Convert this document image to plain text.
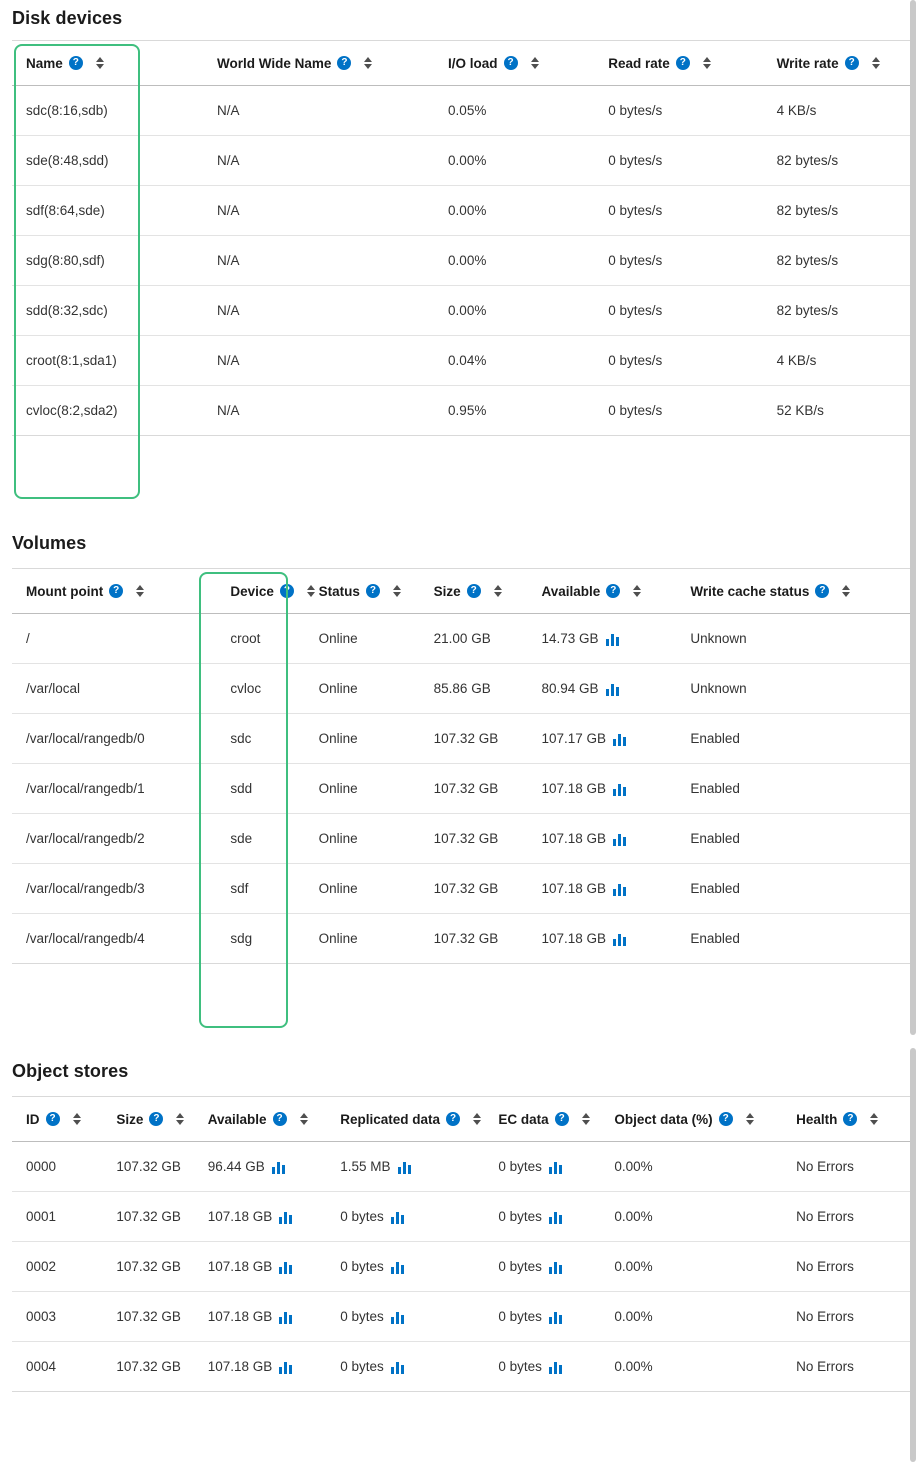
Disk devices
Name ?	World Wide Name ?	I/O load ?	Read rate ?	Write rate ?

sdc(8:16,sdb)	N/A	0.05%	0 bytes/s	4 KB/s
sde(8:48,sdd)	N/A	0.00%	0 bytes/s	82 bytes/s
sdf(8:64,sde)	N/A	0.00%	0 bytes/s	82 bytes/s
sdg(8:80,sdf)	N/A	0.00%	0 bytes/s	82 bytes/s
sdd(8:32,sdc)	N/A	0.00%	0 bytes/s	82 bytes/s
croot(8:1,sda1)	N/A	0.04%	0 bytes/s	4 KB/s
cvloc(8:2,sda2)	N/A	0.95%	0 bytes/s	52 KB/s
Volumes
Mount point ?	Device ?	Status ?	Size ?	Available ?	Write cache status ?

/	croot	Online	21.00 GB	14.73 GB	Unknown
/var/local	cvloc	Online	85.86 GB	80.94 GB	Unknown
/var/local/rangedb/0	sdc	Online	107.32 GB	107.17 GB	Enabled
/var/local/rangedb/1	sdd	Online	107.32 GB	107.18 GB	Enabled
/var/local/rangedb/2	sde	Online	107.32 GB	107.18 GB	Enabled
/var/local/rangedb/3	sdf	Online	107.32 GB	107.18 GB	Enabled
/var/local/rangedb/4	sdg	Online	107.32 GB	107.18 GB	Enabled
Object stores
ID ?	Size ?	Available ?	Replicated data ?	EC data ?	Object data (%) ?	Health ?

0000	107.32 GB	96.44 GB	1.55 MB	0 bytes	0.00%	No Errors
0001	107.32 GB	107.18 GB	0 bytes	0 bytes	0.00%	No Errors
0002	107.32 GB	107.18 GB	0 bytes	0 bytes	0.00%	No Errors
0003	107.32 GB	107.18 GB	0 bytes	0 bytes	0.00%	No Errors
0004	107.32 GB	107.18 GB	0 bytes	0 bytes	0.00%	No Errors
